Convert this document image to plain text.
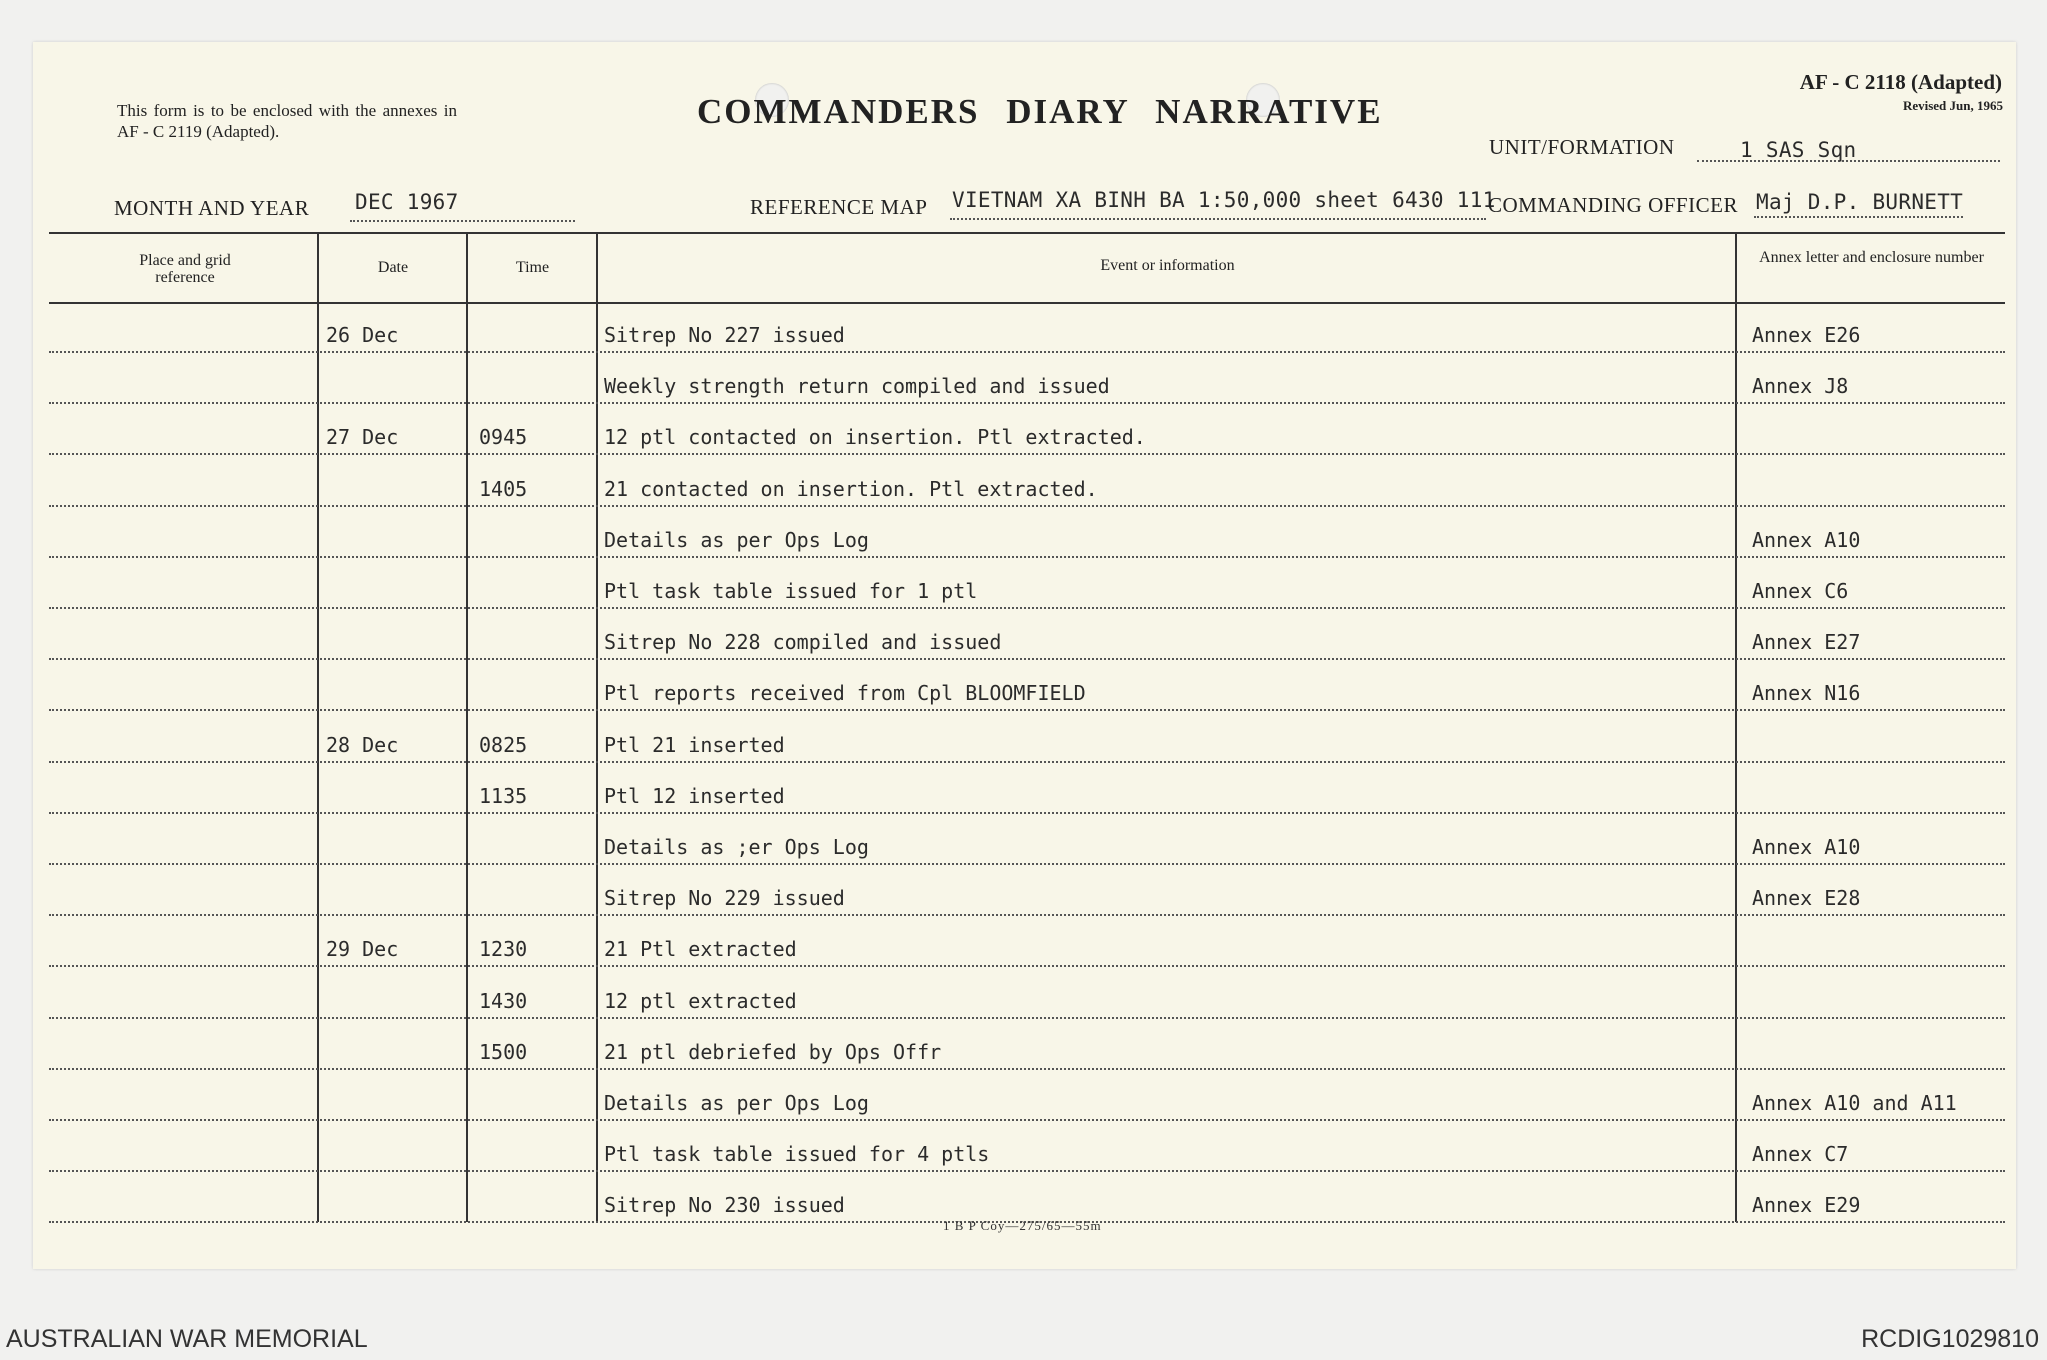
This form is to be enclosed with the annexes in AF - C 2119 (Adapted).
COMMANDERS DIARY NARRATIVE
AF - C 2118 (Adapted)
Revised Jun, 1965
UNIT/FORMATION	1 SAS Sqn
MONTH AND YEAR DEC 1967	REFERENCE MAP VIETNAM XA BINH BA 1:50,000 sheet 6430 111
COMMANDING OFFICER Maj D.P. BURNETT
Place and grid reference
Date	Time	Event or information	Annex letter and enclosure number
26 Dec	Sitrep No 227 issued	Annex E26
Weekly strength return compiled and issued	Annex J8
27 Dec	0945	12 ptl contacted on insertion. Ptl extracted.
1405	21 contacted on insertion. Ptl extracted.
Details as per Ops Log	Annex A10
Ptl task table issued for 1 ptl	Annex C6
Sitrep No 228 compiled and issued	Annex E27
Ptl reports received from Cpl BLOOMFIELD	Annex N16
28 Dec	0825	Ptl 21 inserted
1135	Ptl 12 inserted
Details as ;er Ops Log	Annex A10
Sitrep No 229 issued	Annex E28
29 Dec	1230	21 Ptl extracted
1430	12 ptl extracted
1500	21 ptl debriefed by Ops Offr
Details as per Ops Log	Annex A10 and A11
Ptl task table issued for 4 ptls	Annex C7
Sitrep No 230 issued	Annex E29
1 B P Coy—275/65—55m
AUSTRALIAN WAR MEMORIAL	RCDIG1029810
